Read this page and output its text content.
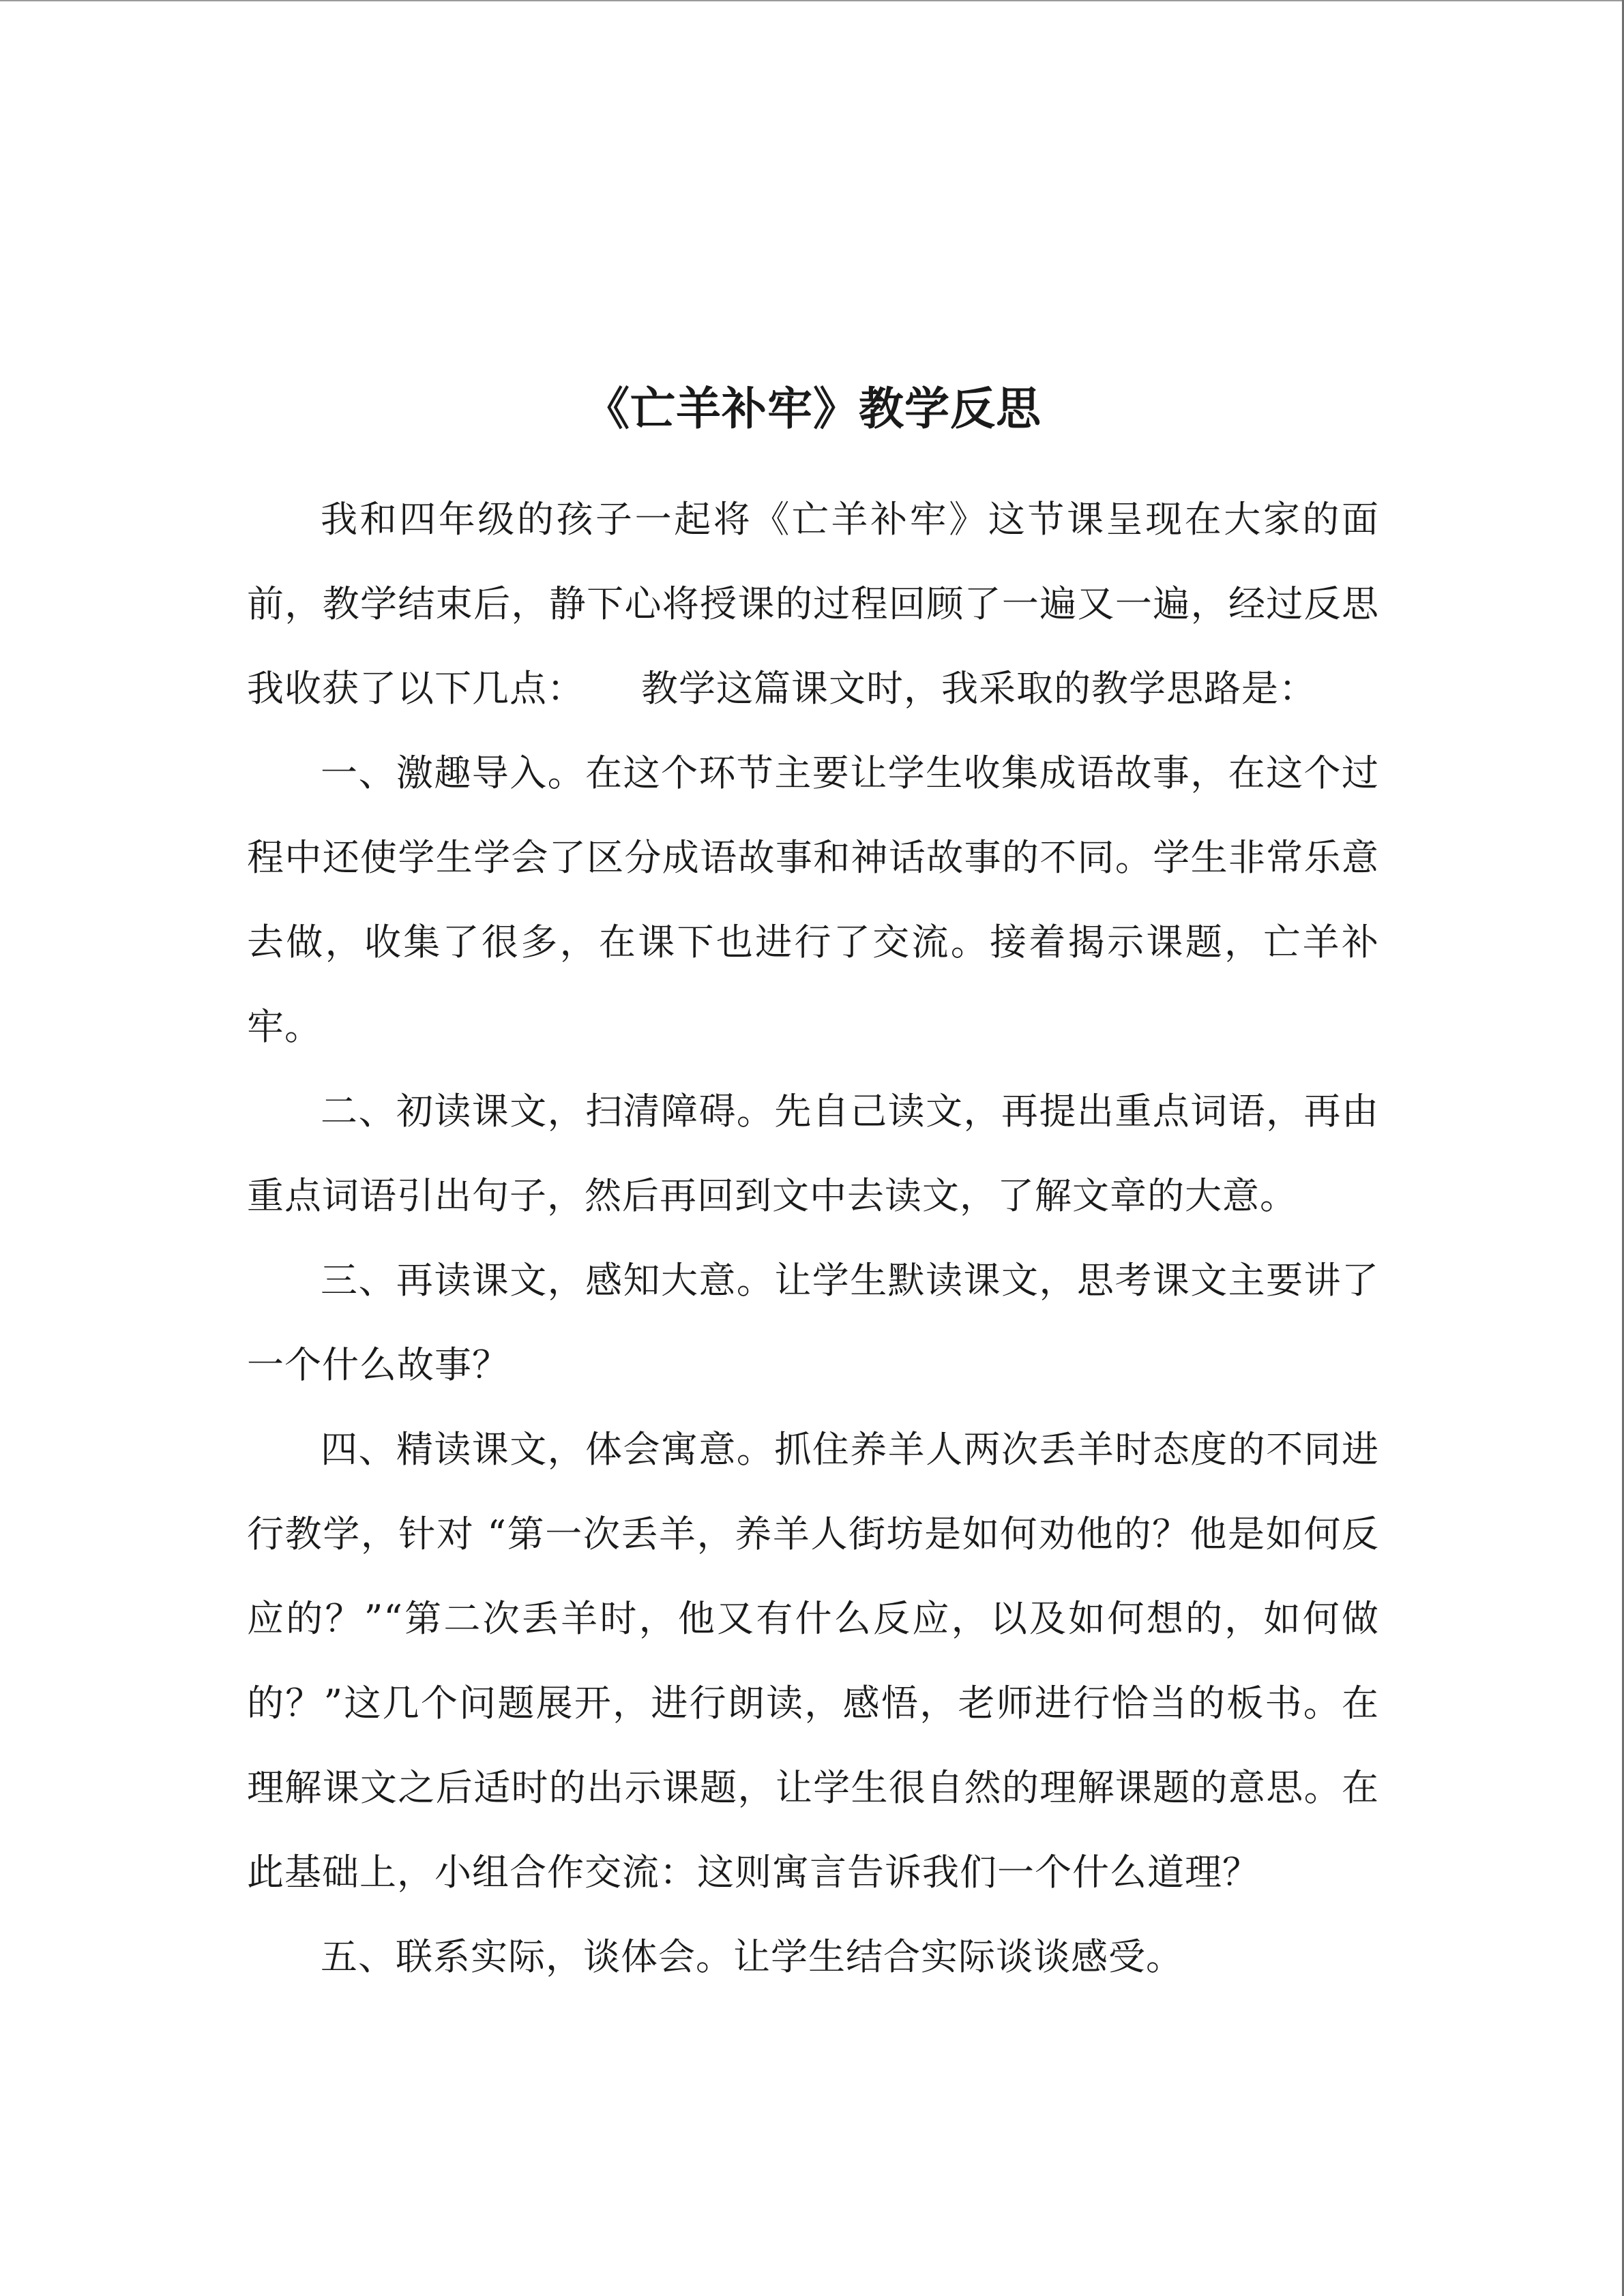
《亡羊补牢》教学反思

我和四年级的孩子一起将《亡羊补牢》这节课呈现在大家的面前，教学结束后，静下心将授课的过程回顾了一遍又一遍，经过反思我收获了以下几点：　　教学这篇课文时，我采取的教学思路是：

一、激趣导入。在这个环节主要让学生收集成语故事，在这个过程中还使学生学会了区分成语故事和神话故事的不同。学生非常乐意去做，收集了很多，在课下也进行了交流。接着揭示课题，亡羊补牢。

二、初读课文，扫清障碍。先自己读文，再提出重点词语，再由重点词语引出句子，然后再回到文中去读文，了解文章的大意。

三、再读课文，感知大意。让学生默读课文，思考课文主要讲了一个什么故事？

四、精读课文，体会寓意。抓住养羊人两次丢羊时态度的不同进行教学，针对 “第一次丢羊，养羊人街坊是如何劝他的？他是如何反应的？”“第二次丢羊时，他又有什么反应，以及如何想的，如何做的？”这几个问题展开，进行朗读，感悟，老师进行恰当的板书。在理解课文之后适时的出示课题，让学生很自然的理解课题的意思。在此基础上，小组合作交流：这则寓言告诉我们一个什么道理？

五、联系实际，谈体会。让学生结合实际谈谈感受。
